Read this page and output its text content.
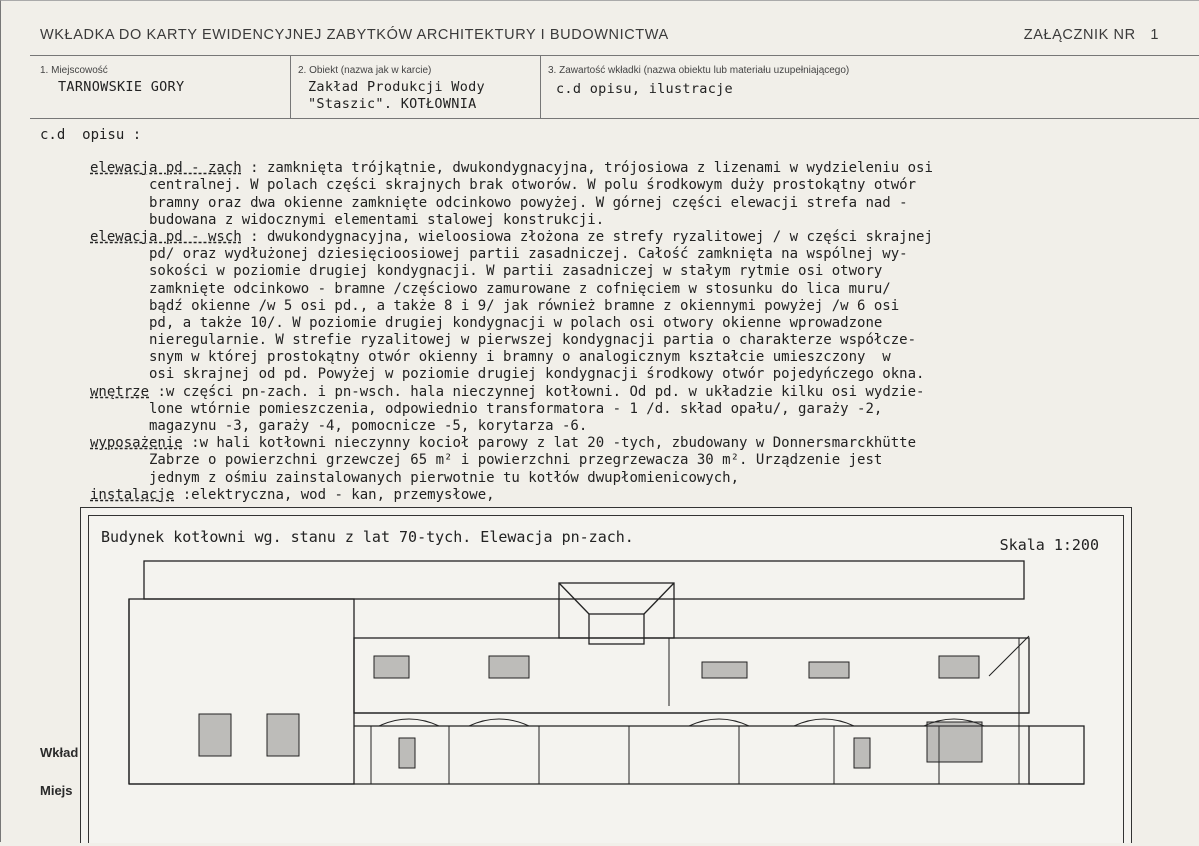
WKŁADKA DO KARTY EWIDENCYJNEJ ZABYTKÓW ARCHITEKTURY I BUDOWNICTWA	ZAŁĄCZNIK NR 1
1. Miejscowość
TARNOWSKIE GORY
2. Obiekt (nazwa jak w karcie)
Zakład Produkcji Wody
"Staszic". KOTŁOWNIA
3. Zawartość wkładki (nazwa obiektu lub materiału uzupełniającego)
c.d opisu, ilustracje
c.d  opisu :
elewacja pd - zach : zamknięta trójkątnie, dwukondygnacyjna, trójosiowa z lizenami w wydzieleniu osi
centralnej. W polach części skrajnych brak otworów. W polu środkowym duży prostokątny otwór
bramny oraz dwa okienne zamknięte odcinkowo powyżej. W górnej części elewacji strefa nad -
budowana z widocznymi elementami stalowej konstrukcji.
elewacja pd - wsch : dwukondygnacyjna, wieloosiowa złożona ze strefy ryzalitowej / w części skrajnej
pd/ oraz wydłużonej dziesięcioosiowej partii zasadniczej. Całość zamknięta na wspólnej wy-
sokości w poziomie drugiej kondygnacji. W partii zasadniczej w stałym rytmie osi otwory
zamknięte odcinkowo - bramne /częściowo zamurowane z cofnięciem w stosunku do lica muru/
bądź okienne /w 5 osi pd., a także 8 i 9/ jak również bramne z okiennymi powyżej /w 6 osi
pd, a także 10/. W poziomie drugiej kondygnacji w polach osi otwory okienne wprowadzone
nieregularnie. W strefie ryzalitowej w pierwszej kondygnacji partia o charakterze współcze-
snym w której prostokątny otwór okienny i bramny o analogicznym kształcie umieszczony  w
osi skrajnej od pd. Powyżej w poziomie drugiej kondygnacji środkowy otwór pojedyńczego okna.
wnętrze :w części pn-zach. i pn-wsch. hala nieczynnej kotłowni. Od pd. w układzie kilku osi wydzie-
lone wtórnie pomieszczenia, odpowiednio transformatora - 1 /d. skład opału/, garaży -2,
magazynu -3, garaży -4, pomocnicze -5, korytarza -6.
wyposażenie :w hali kotłowni nieczynny kocioł parowy z lat 20 -tych, zbudowany w Donnersmarckhütte
Zabrze o powierzchni grzewczej 65 m² i powierzchni przegrzewacza 30 m². Urządzenie jest
jednym z ośmiu zainstalowanych pierwotnie tu kotłów dwupłomienicowych,
instalacje :elektryczna, wod - kan, przemysłowe,
Wkład
Miejs
Budynek kotłowni wg. stanu z lat 70-tych. Elewacja pn-zach.	Skala 1:200
